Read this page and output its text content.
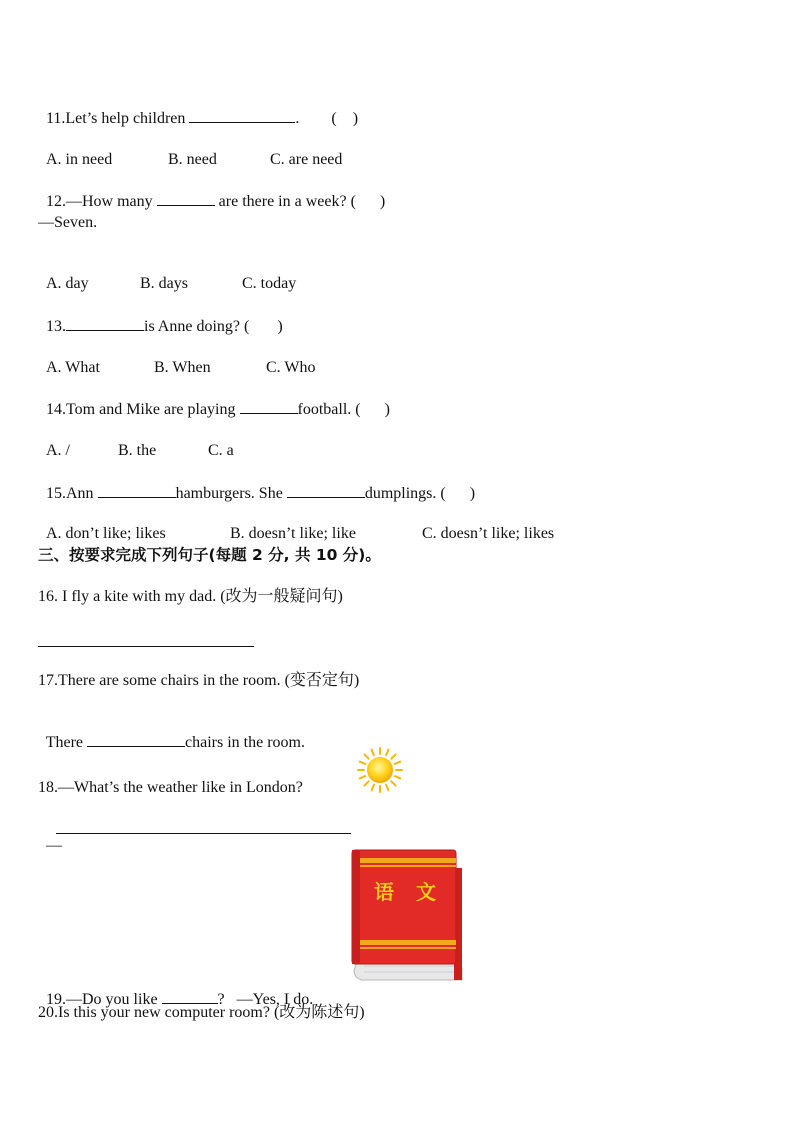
11.Let’s help children	. (    )

A. in need	B. need	C. are need

12.—How many	are there in a week? (      )

—Seven.

A. day	B. days	C. today

13.	is Anne doing? (       )

A. What	B. When	C. Who

14.Tom and Mike are playing	football. (      )

A. /	B. the	C. a

15.Ann	hamburgers. She	dumplings. (      )

A. don’t like; likes	B. doesn’t like; like	C. doesn’t like; likes

三、按要求完成下列句子(每题 2 分, 共 10 分)。
16. I fly a kite with my dad. (改为一般疑问句)
17.There are some chairs in the room. (变否定句)

There	chairs in the room.

18.—What’s the weather like in London?

—

语 文

19.—Do you like	?   —Yes, I do.

20.Is this your new computer room? (改为陈述句)
